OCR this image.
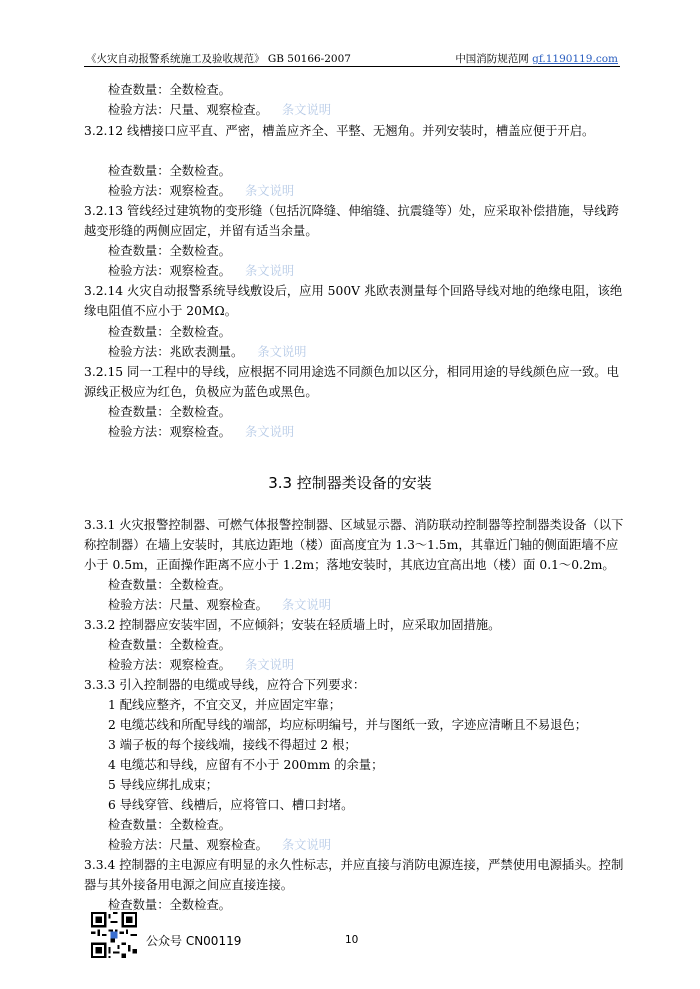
《火灾自动报警系统施工及验收规范》 GB 50166-2007	中国消防规范网 gf.1190119.com
检查数量：全数检查。
检验方法：尺量、观察检查。 条文说明
3.2.12 线槽接口应平直、严密，槽盖应齐全、平整、无翘角。并列安装时，槽盖应便于开启。
检查数量：全数检查。
检验方法：观察检查。 条文说明
3.2.13 管线经过建筑物的变形缝（包括沉降缝、伸缩缝、抗震缝等）处，应采取补偿措施，导线跨
越变形缝的两侧应固定，并留有适当余量。
检查数量：全数检查。
检验方法：观察检查。 条文说明
3.2.14 火灾自动报警系统导线敷设后，应用 500V 兆欧表测量每个回路导线对地的绝缘电阻，该绝
缘电阻值不应小于 20MΩ。
检查数量：全数检查。
检验方法：兆欧表测量。 条文说明
3.2.15 同一工程中的导线，应根据不同用途选不同颜色加以区分，相同用途的导线颜色应一致。电
源线正极应为红色，负极应为蓝色或黑色。
检查数量：全数检查。
检验方法：观察检查。 条文说明
3.3.1 火灾报警控制器、可燃气体报警控制器、区域显示器、消防联动控制器等控制器类设备（以下
称控制器）在墙上安装时，其底边距地（楼）面高度宜为 1.3～1.5m，其靠近门轴的侧面距墙不应
小于 0.5m，正面操作距离不应小于 1.2m；落地安装时，其底边宜高出地（楼）面 0.1～0.2m。
检查数量：全数检查。
检验方法：尺量、观察检查。 条文说明
3.3.2 控制器应安装牢固，不应倾斜；安装在轻质墙上时，应采取加固措施。
检查数量：全数检查。
检验方法：观察检查。 条文说明
3.3.3 引入控制器的电缆或导线，应符合下列要求：
1 配线应整齐，不宜交叉，并应固定牢靠；
2 电缆芯线和所配导线的端部，均应标明编号，并与图纸一致，字迹应清晰且不易退色；
3 端子板的每个接线端，接线不得超过 2 根；
4 电缆芯和导线，应留有不小于 200mm 的余量；
5 导线应绑扎成束；
6 导线穿管、线槽后，应将管口、槽口封堵。
检查数量：全数检查。
检验方法：尺量、观察检查。 条文说明
3.3.4 控制器的主电源应有明显的永久性标志，并应直接与消防电源连接，严禁使用电源插头。控制
器与其外接备用电源之间应直接连接。
检查数量：全数检查。
3.3 控制器类设备的安装
公众号 CN00119	10
